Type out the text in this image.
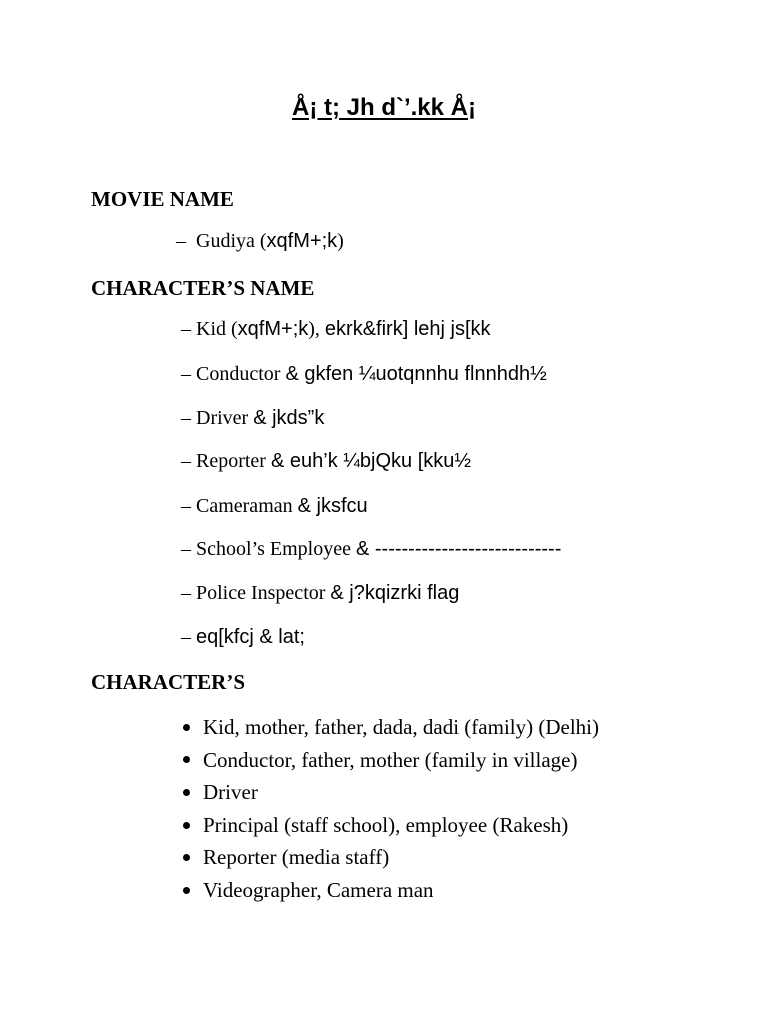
Å¡ t; Jh d`’.kk Å¡
MOVIE NAME
–  Gudiya ( xqfM+;k )
CHARACTER’S NAME
– Kid ( xqfM+;k ), ekrk&firk] lehj js[kk
– Conductor & gkfen ¼uotqnnhu flnnhdh½
– Driver & jkds”k
– Reporter & euh’k ¼bjQku [kku½
– Cameraman & jksfcu
– School’s Employee & ----------------------------
– Police Inspector & j?kqizrki flag
– eq[kfcj & lat;
CHARACTER’S
Kid, mother, father, dada, dadi (family) (Delhi)
Conductor, father, mother (family in village)
Driver
Principal (staff school), employee (Rakesh)
Reporter (media staff)
Videographer, Camera man
